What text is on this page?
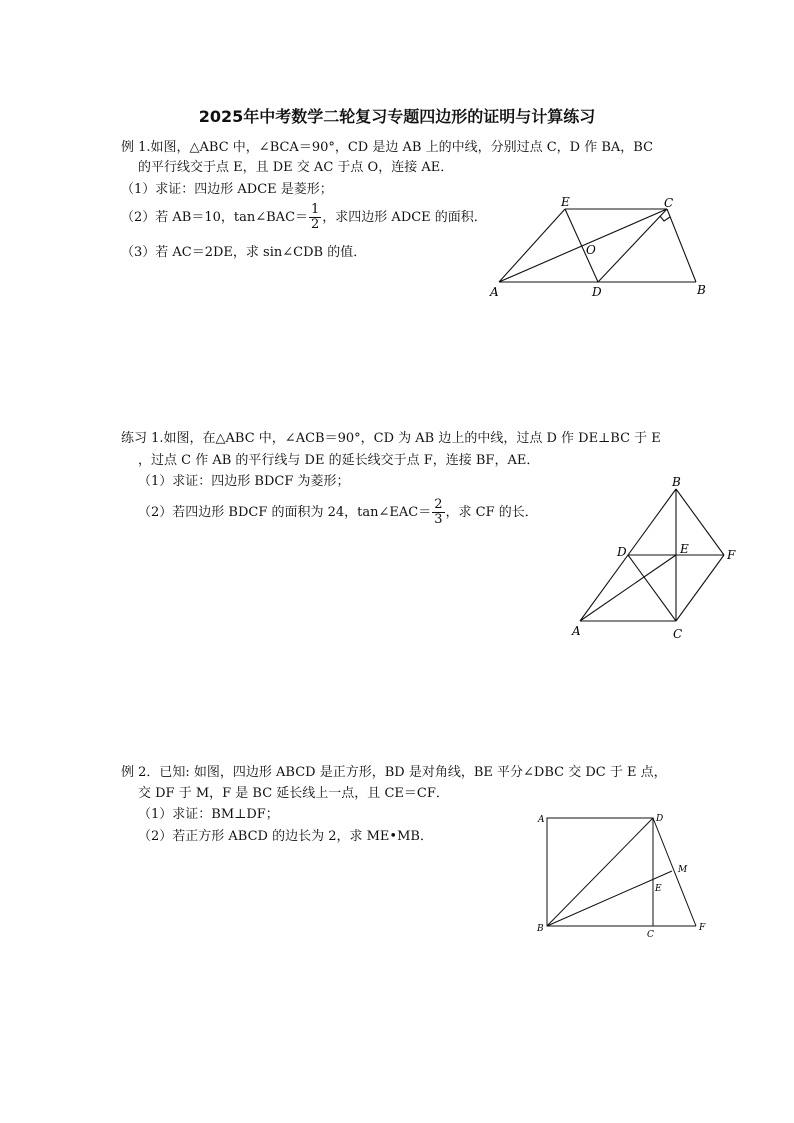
2025年中考数学二轮复习专题四边形的证明与计算练习
例 1.如图，△ABC 中，∠BCA＝90°，CD 是边 AB 上的中线，分别过点 C，D 作 BA，BC
的平行线交于点 E，且 DE 交 AC 于点 O，连接 AE．
（1）求证：四边形 ADCE 是菱形；
（2）若 AB＝10，tan∠BAC＝ $\frac{1}{2}$ ，求四边形 ADCE 的面积．
（3）若 AC＝2DE，求 sin∠CDB 的值．
A	B
C
D
E
O
练习 1.如图，在△ABC 中，∠ACB＝90°，CD 为 AB 边上的中线，过点 D 作 DE⊥BC 于 E
，过点 C 作 AB 的平行线与 DE 的延长线交于点 F，连接 BF，AE．
（1）求证：四边形 BDCF 为菱形；
（2）若四边形 BDCF 的面积为 24，tan∠EAC＝ $\frac{2}{3}$ ，求 CF 的长．
A
B
C
D	E	F
例 2．已知: 如图，四边形 ABCD 是正方形，BD 是对角线，BE 平分∠DBC 交 DC 于 E 点，
交 DF 于 M，F 是 BC 延长线上一点，且 CE＝CF．
（1）求证：BM⊥DF；
（2）若正方形 ABCD 的边长为 2，求 ME•MB．
A
B
C
D
E
F
M
